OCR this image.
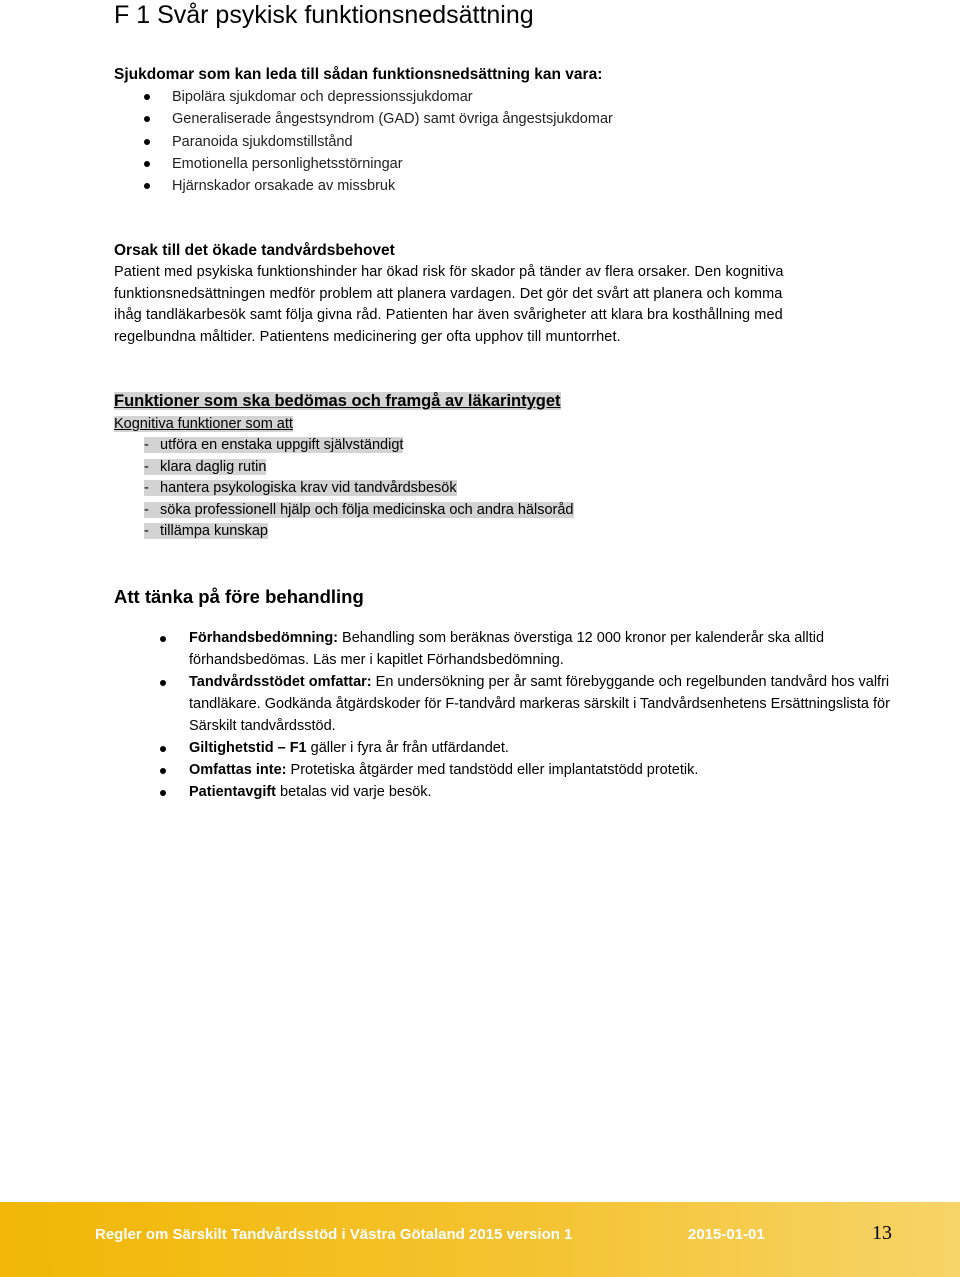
F 1 Svår psykisk funktionsnedsättning

Sjukdomar som kan leda till sådan funktionsnedsättning kan vara:

Bipolära sjukdomar och depressionssjukdomar
Generaliserade ångestsyndrom (GAD) samt övriga ångestsjukdomar
Paranoida sjukdomstillstånd
Emotionella personlighetsstörningar
Hjärnskador orsakade av missbruk

Orsak till det ökade tandvårdsbehovet

Patient med psykiska funktionshinder har ökad risk för skador på tänder av flera orsaker. Den kognitiva funktionsnedsättningen medför problem att planera vardagen. Det gör det svårt att planera och komma ihåg tandläkarbesök samt följa givna råd. Patienten har även svårigheter att klara bra kosthållning med regelbundna måltider. Patientens medicinering ger ofta upphov till muntorrhet.

Funktioner som ska bedömas och framgå av läkarintyget

Kognitiva funktioner som att

- utföra en enstaka uppgift självständigt
- klara daglig rutin
- hantera psykologiska krav vid tandvårdsbesök
- söka professionell hjälp och följa medicinska och andra hälsoråd
- tillämpa kunskap
Att tänka på före behandling
Förhandsbedömning: Behandling som beräknas överstiga 12 000 kronor per kalenderår ska alltid förhandsbedömas. Läs mer i kapitlet Förhandsbedömning.
Tandvårdsstödet omfattar: En undersökning per år samt förebyggande och regelbunden tandvård hos valfri tandläkare. Godkända åtgärdskoder för F-tandvård markeras särskilt i Tandvårdsenhetens Ersättningslista för Särskilt tandvårdsstöd.
Giltighetstid – F1 gäller i fyra år från utfärdandet.
Omfattas inte: Protetiska åtgärder med tandstödd eller implantatstödd protetik.
Patientavgift betalas vid varje besök.
Regler om Särskilt Tandvårdsstöd i Västra Götaland 2015 version 1	2015-01-01	13
